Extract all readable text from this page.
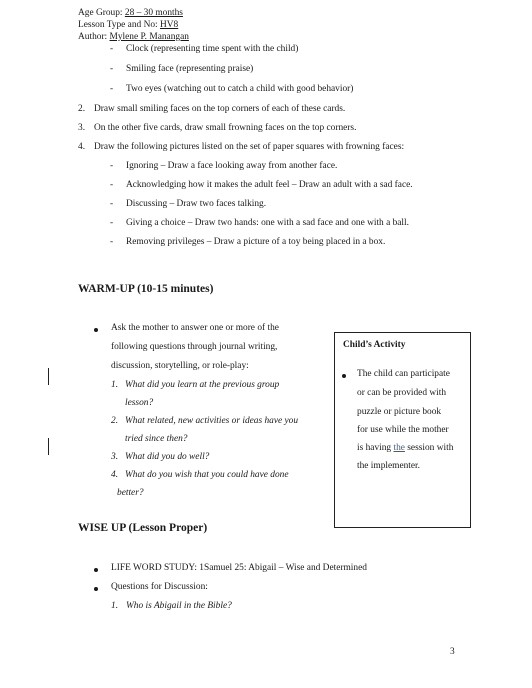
Age Group: 28 – 30 months
Lesson Type and No: HV8
Author: Mylene P. Manangan
- Clock (representing time spent with the child)
- Smiling face (representing praise)
- Two eyes (watching out to catch a child with good behavior)
2. Draw small smiling faces on the top corners of each of these cards.
3. On the other five cards, draw small frowning faces on the top corners.
4. Draw the following pictures listed on the set of paper squares with frowning faces:
- Ignoring – Draw a face looking away from another face.
- Acknowledging how it makes the adult feel – Draw an adult with a sad face.
- Discussing – Draw two faces talking.
- Giving a choice – Draw two hands: one with a sad face and one with a ball.
- Removing privileges – Draw a picture of a toy being placed in a box.
WARM-UP (10-15 minutes)
Ask the mother to answer one or more of the
following questions through journal writing,
discussion, storytelling, or role-play:
1. What did you learn at the previous group
lesson?
2. What related, new activities or ideas have you
tried since then?
3. What did you do well?
4. What do you wish that you could have done
better?
Child’s Activity
The child can participate
or can be provided with
puzzle or picture book
for use while the mother
is having the session with
the implementer.
WISE UP (Lesson Proper)
LIFE WORD STUDY: 1Samuel 25: Abigail – Wise and Determined
Questions for Discussion:
1. Who is Abigail in the Bible?
3
